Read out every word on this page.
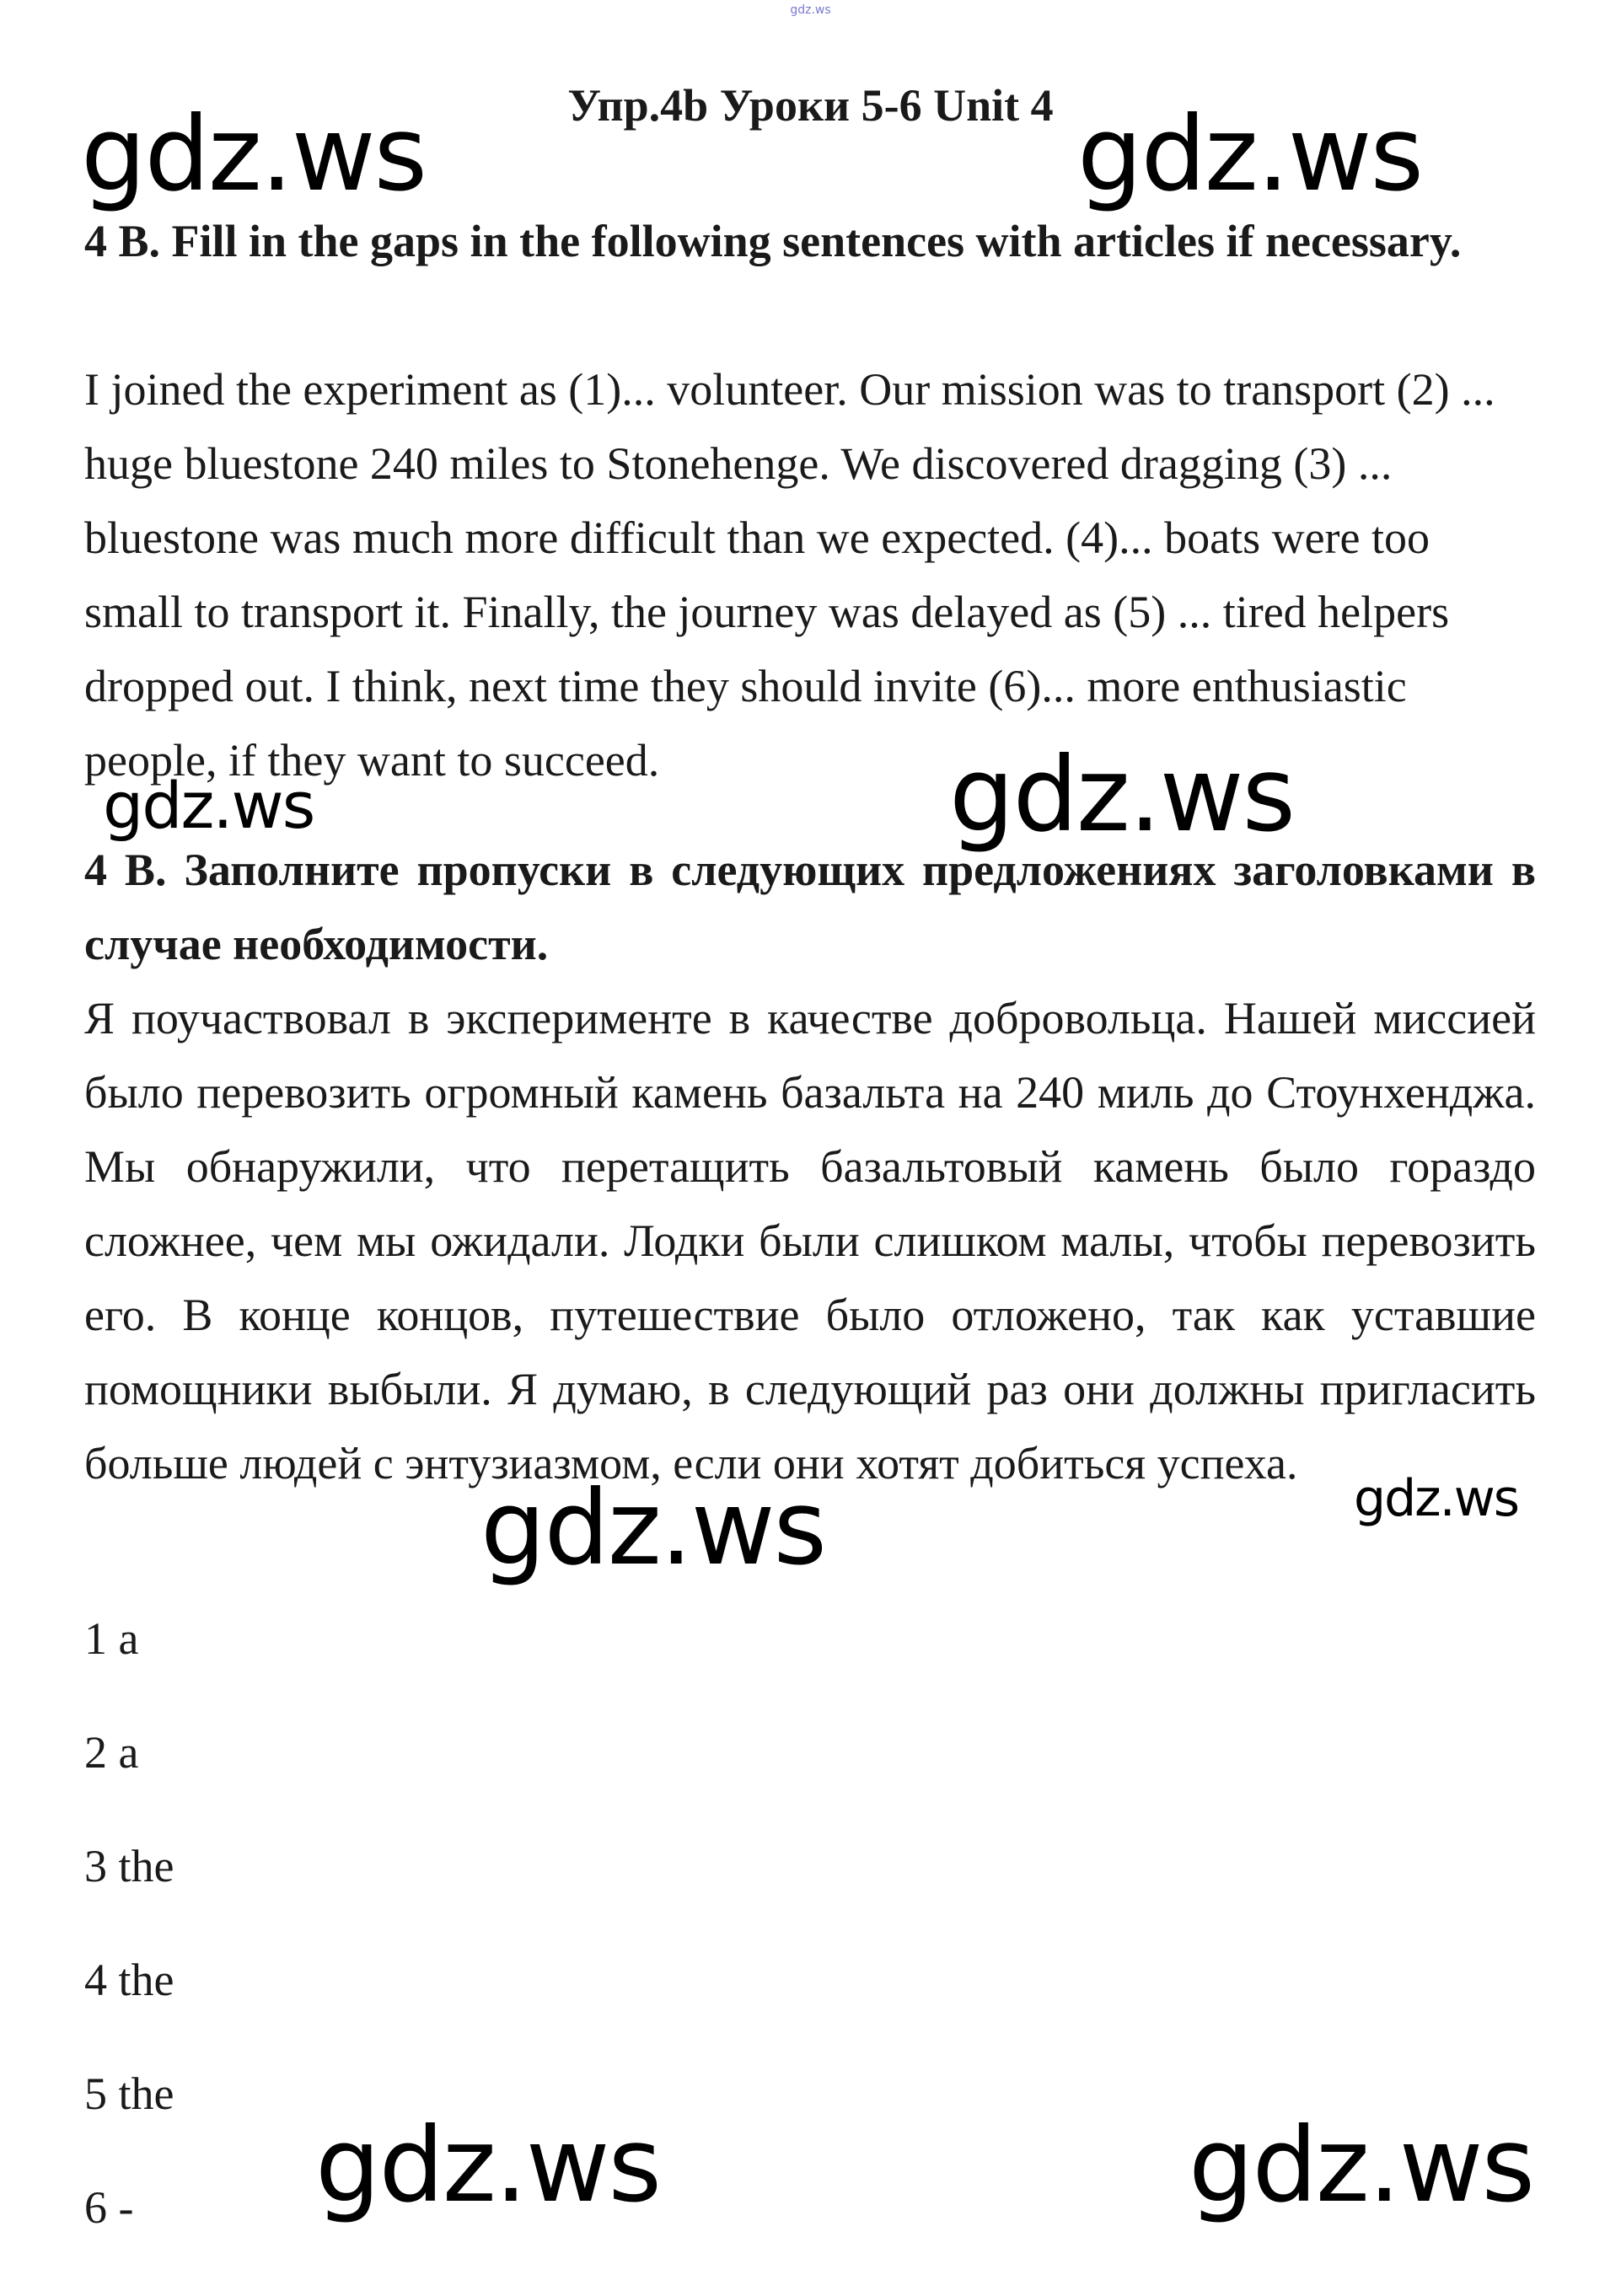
gdz.ws
Упр.4b Уроки 5-6 Unit 4
4 B. Fill in the gaps in the following sentences with articles if necessary.
I joined the experiment as (1)... volunteer. Our mission was to transport (2) ... huge bluestone 240 miles to Stonehenge. We discovered dragging (3) ... bluestone was much more difficult than we expected. (4)... boats were too small to transport it. Finally, the journey was delayed as (5) ... tired helpers dropped out. I think, next time they should invite (6)... more enthusiastic people, if they want to succeed.
4 B. Заполните пропуски в следующих предложениях заголовками в случае необходимости.
Я поучаствовал в эксперименте в качестве добровольца. Нашей миссией было перевозить огромный камень базальта на 240 миль до Стоунхенджа. Мы обнаружили, что перетащить базальтовый камень было гораздо сложнее, чем мы ожидали. Лодки были слишком малы, чтобы перевозить его. В конце концов, путешествие было отложено, так как уставшие помощники выбыли. Я думаю, в следующий раз они должны пригласить больше людей с энтузиазмом, если они хотят добиться успеха.
1 a
2 a
3 the
4 the
5 the
6 -
gdz.ws	gdz.ws
gdz.ws	gdz.ws
gdz.ws	gdz.ws
gdz.ws	gdz.ws
